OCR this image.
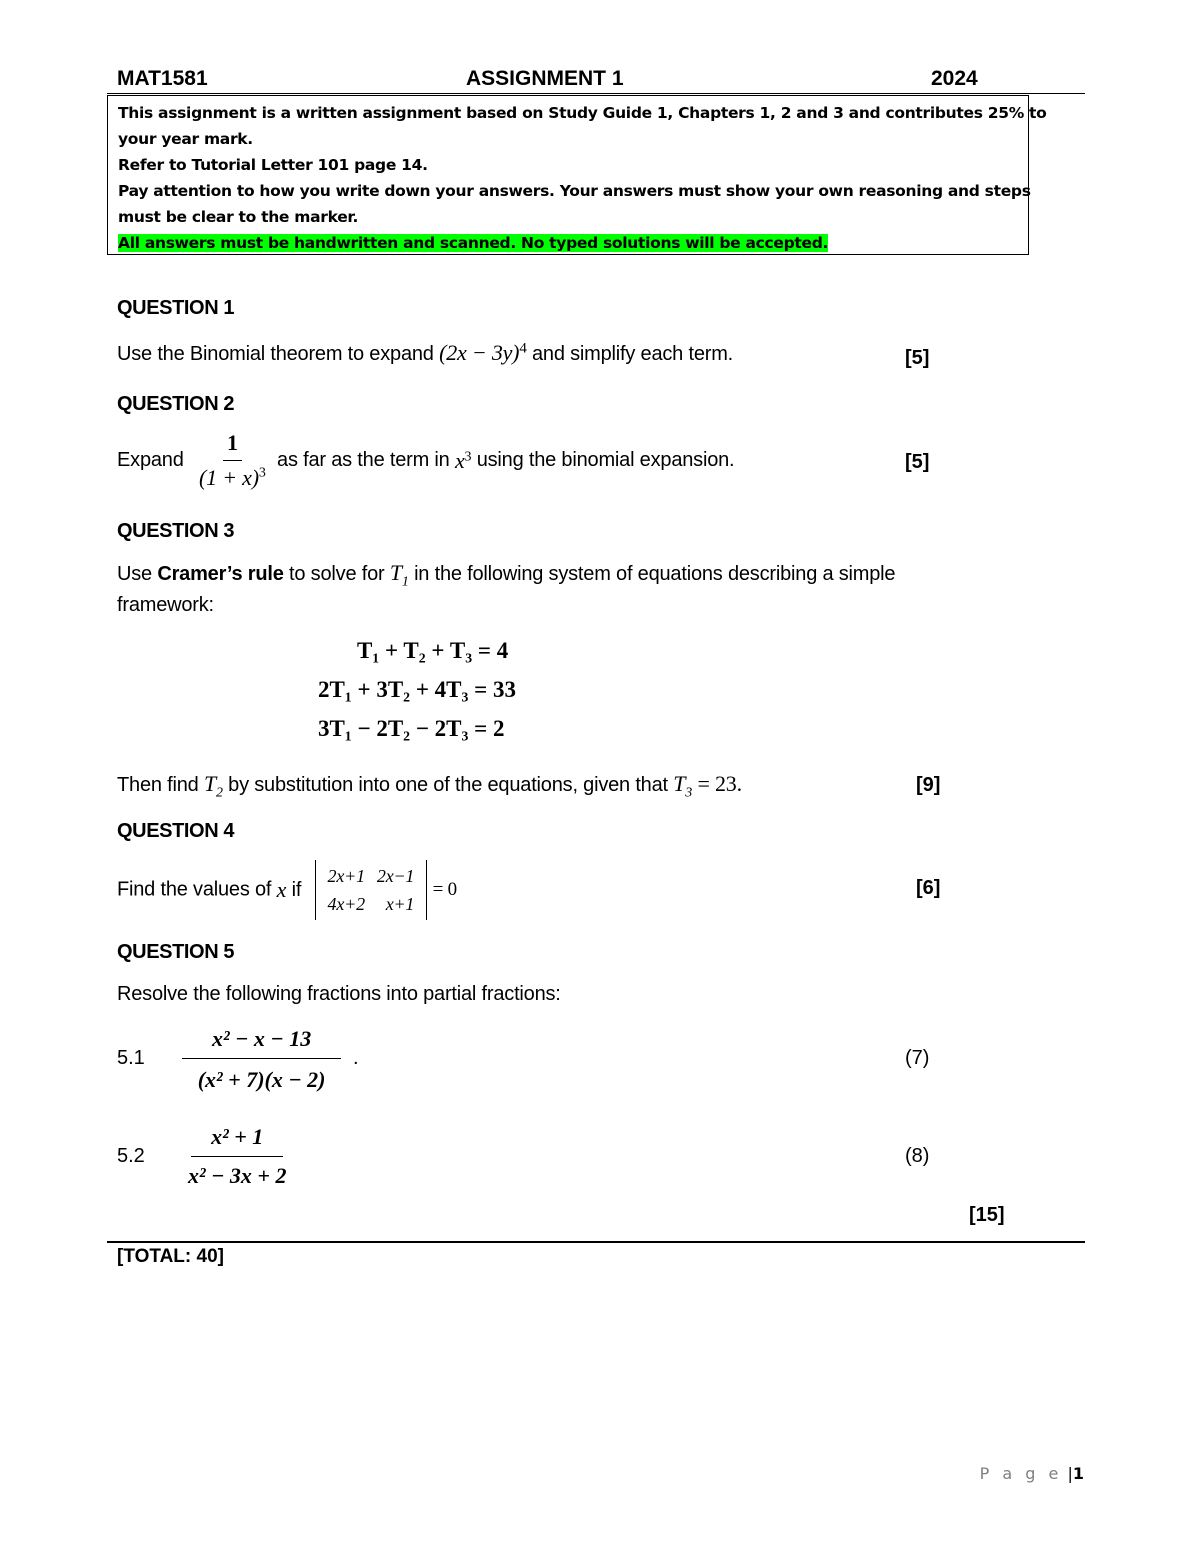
MAT1581	ASSIGNMENT 1	2024
This assignment is a written assignment based on Study Guide 1, Chapters 1, 2 and 3 and contributes 25% to
your year mark.
Refer to Tutorial Letter 101 page 14.
Pay attention to how you write down your answers. Your answers must show your own reasoning and steps
must be clear to the marker.
All answers must be handwritten and scanned. No typed solutions will be accepted.
QUESTION 1
Use the Binomial theorem to expand $(2x - 3y)^4$ and simplify each term.	[5]
QUESTION 2
Expand $\frac{1}{(1 + x)^3}$ as far as the term in $x^3$ using the binomial expansion.	[5]
QUESTION 3
Use Cramer’s rule to solve for $T_1$ in the following system of equations describing a simple
framework:
T₁ + T₂ + T₃ = 4
2T₁ + 3T₂ + 4T₃ = 33
3T₁ − 2T₂ − 2T₃ = 2
Then find $T_2$ by substitution into one of the equations, given that $T_3 = 23$.	[9]
QUESTION 4
Find the values of x if
2x+1	2x−1
4x+2	x+1
= 0	[6]
QUESTION 5
Resolve the following fractions into partial fractions:
$5.1 \frac{\text{x² − x − 13}}{\text{(x² + 7)(x − 2)}}$ .	(7)
$5.2 \frac{\text{x² + 1}}{\text{x² − 3x + 2}}$	(8)
[15]
[TOTAL: 40]
P a g e |1
